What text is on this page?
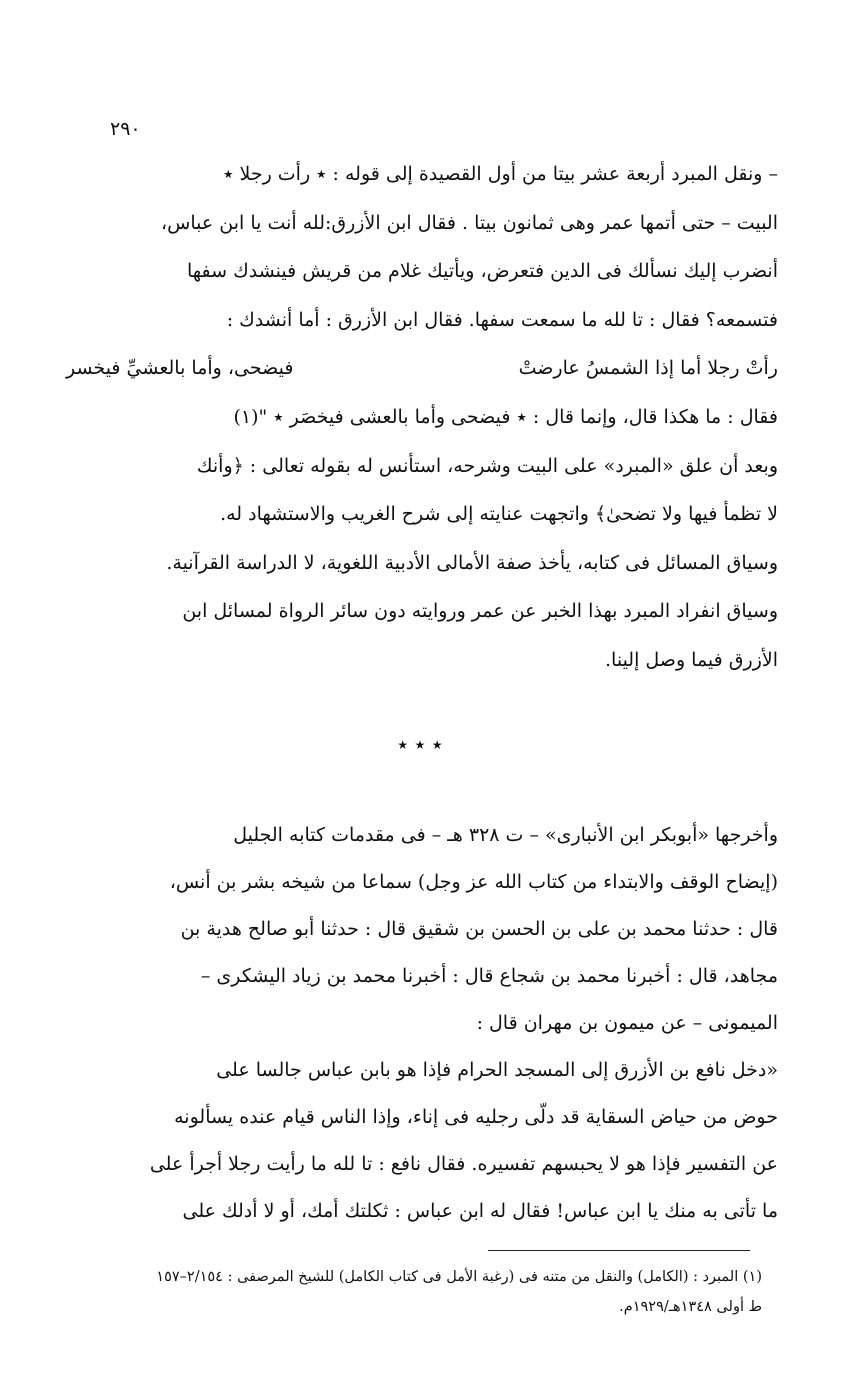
٢٩٠

– ونقل المبرد أربعة عشر بيتا من أول القصيدة إلى قوله : ٭ رأت رجلا ٭

البيت – حتى أتمها عمر وهى ثمانون بيتا . فقال ابن الأزرق:لله أنت يا ابن عباس،

أنضرب إليك نسألك فى الدين فتعرض، ويأتيك غلام من قريش فينشدك سفها

فتسمعه؟ فقال : تا لله ما سمعت سفها. فقال ابن الأزرق : أما أنشدك :

رأتْ رجلا أما إذا الشمسُ عارضتْ
فيضحى، وأما بالعشيِّ فيخسر

فقال : ما هكذا قال، وإنما قال : ٭ فيضحى وأما بالعشى فيخصَر ٭ "(١)

وبعد أن علق «المبرد» على البيت وشرحه، استأنس له بقوله تعالى : ﴿وأنك

لا تظمأ فيها ولا تضحىٰ﴾ واتجهت عنايته إلى شرح الغريب والاستشهاد له.

وسياق المسائل فى كتابه، يأخذ صفة الأمالى الأدبية اللغوية، لا الدراسة القرآنية.

وسياق انفراد المبرد بهذا الخبر عن عمر وروايته دون سائر الرواة لمسائل ابن

الأزرق فيما وصل إلينا.

٭ ٭ ٭

وأخرجها «أبوبكر ابن الأنبارى» – ت ٣٢٨ هـ – فى مقدمات كتابه الجليل

(إيضاح الوقف والابتداء من كتاب الله عز وجل) سماعا من شيخه بشر بن أنس،

قال : حدثنا محمد بن على بن الحسن بن شقيق قال : حدثنا أبو صالح هدية بن

مجاهد، قال : أخبرنا محمد بن شجاع قال : أخبرنا محمد بن زياد اليشكرى –

الميمونى – عن ميمون بن مهران قال :

«دخل نافع بن الأزرق إلى المسجد الحرام فإذا هو بابن عباس جالسا على

حوض من حياض السقاية قد دلّى رجليه فى إناء، وإذا الناس قيام عنده يسألونه

عن التفسير فإذا هو لا يحبسهم تفسيره. فقال نافع : تا لله ما رأيت رجلا أجرأ على

ما تأتى به منك يا ابن عباس! فقال له ابن عباس : ثكلتك أمك، أو لا أدلك على

(١) المبرد : (الكامل) والنقل من متنه فى (رغبة الأمل فى كتاب الكامل) للشيخ المرصفى : ٢/١٥٤–١٥٧

ط أولى ١٣٤٨هـ/١٩٢٩م.
